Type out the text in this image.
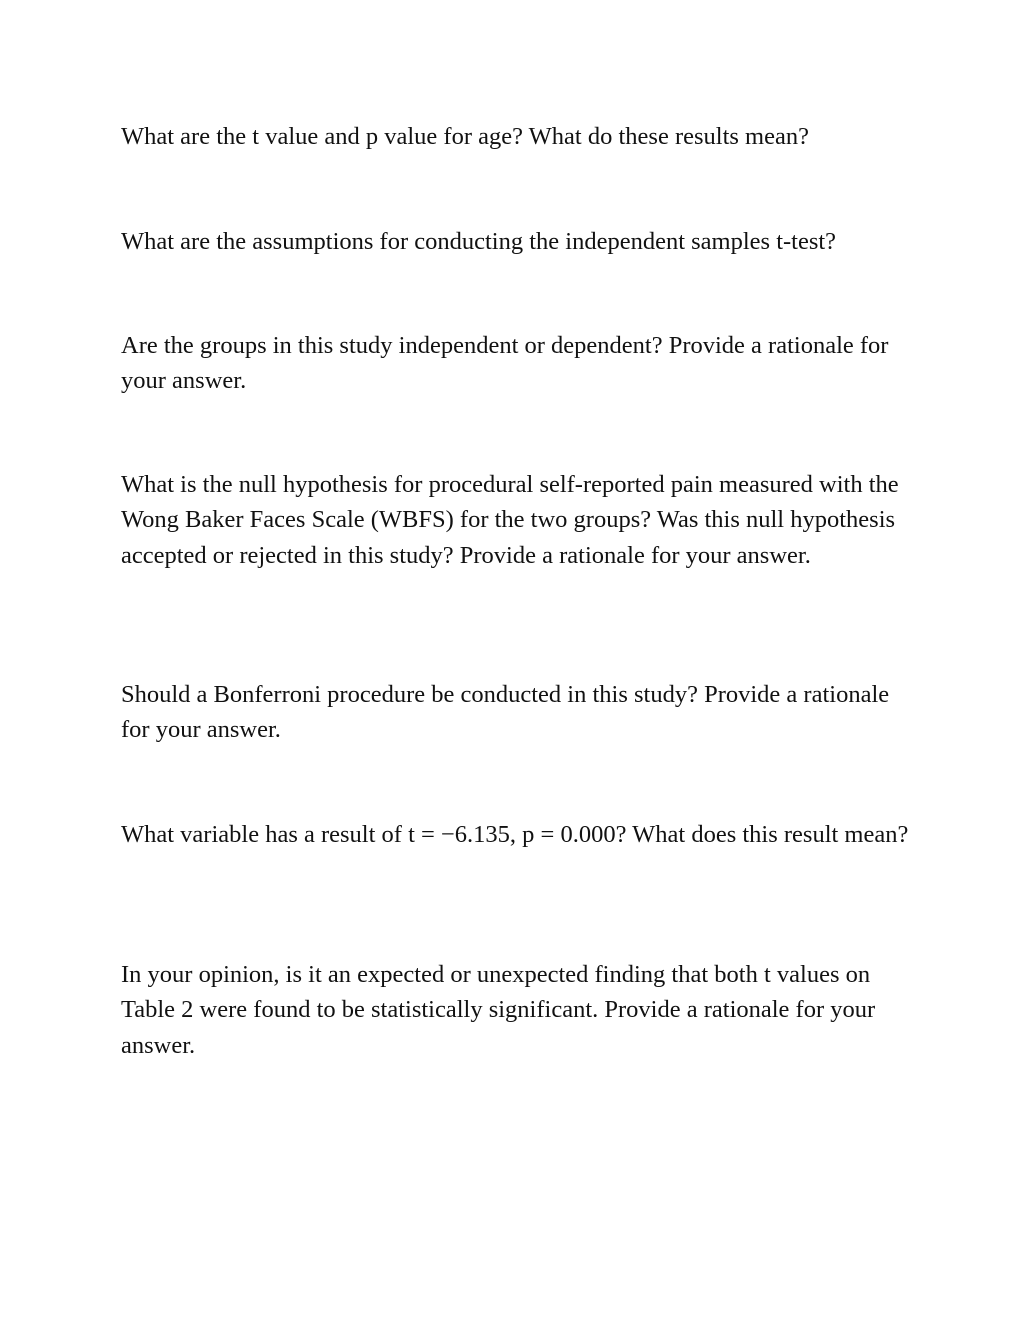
What are the t value and p value for age? What do these results mean?

What are the assumptions for conducting the independent samples t-test?

Are the groups in this study independent or dependent? Provide a rationale for your answer.

What is the null hypothesis for procedural self-reported pain measured with the Wong Baker Faces Scale (WBFS) for the two groups? Was this null hypothesis accepted or rejected in this study? Provide a rationale for your answer.

Should a Bonferroni procedure be conducted in this study? Provide a rationale for your answer.

What variable has a result of t = −6.135, p = 0.000? What does this result mean?

In your opinion, is it an expected or unexpected finding that both t values on Table 2 were found to be statistically significant. Provide a rationale for your answer.
